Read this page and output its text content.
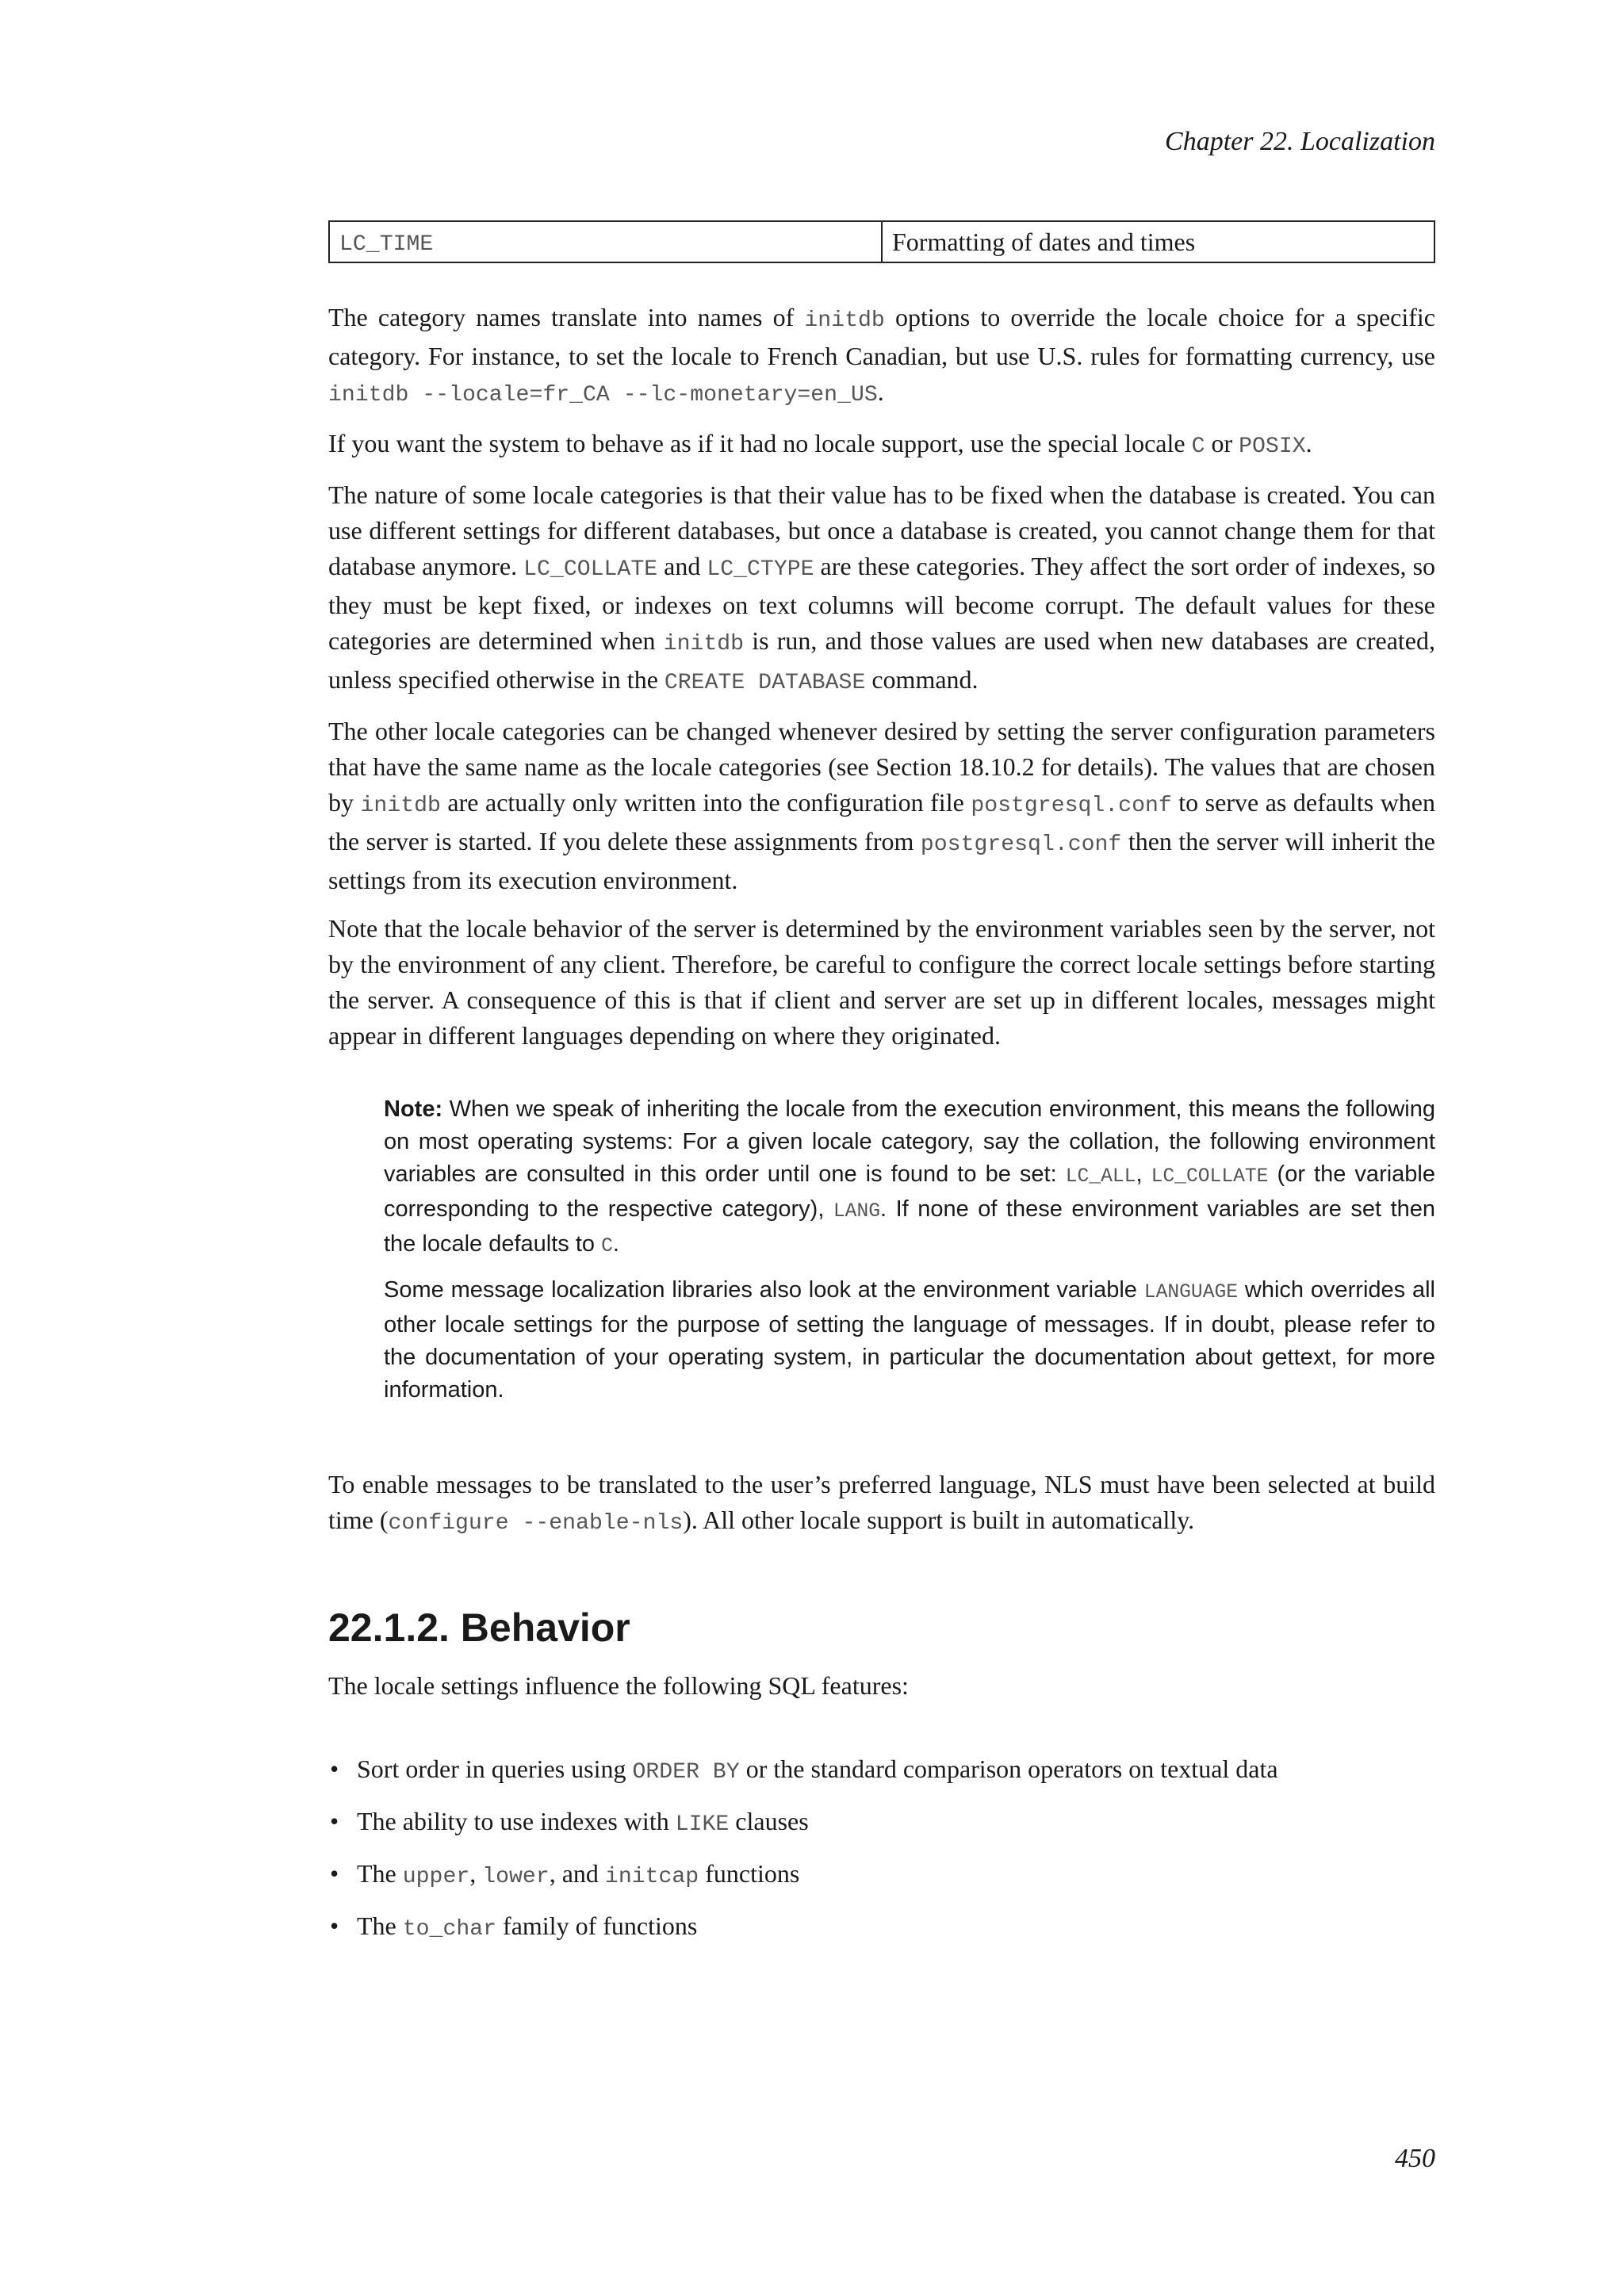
Chapter 22. Localization
LC_TIME	Formatting of dates and times

The category names translate into names of initdb options to override the locale choice for a specific category. For instance, to set the locale to French Canadian, but use U.S. rules for formatting currency, use initdb --locale=fr_CA --lc-monetary=en_US.

If you want the system to behave as if it had no locale support, use the special locale C or POSIX.

The nature of some locale categories is that their value has to be fixed when the database is created. You can use different settings for different databases, but once a database is created, you cannot change them for that database anymore. LC_COLLATE and LC_CTYPE are these categories. They affect the sort order of indexes, so they must be kept fixed, or indexes on text columns will become corrupt. The default values for these categories are determined when initdb is run, and those values are used when new databases are created, unless specified otherwise in the CREATE DATABASE command.

The other locale categories can be changed whenever desired by setting the server configuration parameters that have the same name as the locale categories (see Section 18.10.2 for details). The values that are chosen by initdb are actually only written into the configuration file postgresql.conf to serve as defaults when the server is started. If you delete these assignments from postgresql.conf then the server will inherit the settings from its execution environment.

Note that the locale behavior of the server is determined by the environment variables seen by the server, not by the environment of any client. Therefore, be careful to configure the correct locale settings before starting the server. A consequence of this is that if client and server are set up in different locales, messages might appear in different languages depending on where they originated.

Note: When we speak of inheriting the locale from the execution environment, this means the following on most operating systems: For a given locale category, say the collation, the following environment variables are consulted in this order until one is found to be set: LC_ALL, LC_COLLATE (or the variable corresponding to the respective category), LANG. If none of these environment variables are set then the locale defaults to C.

Some message localization libraries also look at the environment variable LANGUAGE which overrides all other locale settings for the purpose of setting the language of messages. If in doubt, please refer to the documentation of your operating system, in particular the documentation about gettext, for more information.

To enable messages to be translated to the user’s preferred language, NLS must have been selected at build time (configure --enable-nls). All other locale support is built in automatically.

22.1.2. Behavior

The locale settings influence the following SQL features:

• Sort order in queries using ORDER BY or the standard comparison operators on textual data
• The ability to use indexes with LIKE clauses
• The upper, lower, and initcap functions
• The to_char family of functions
450
